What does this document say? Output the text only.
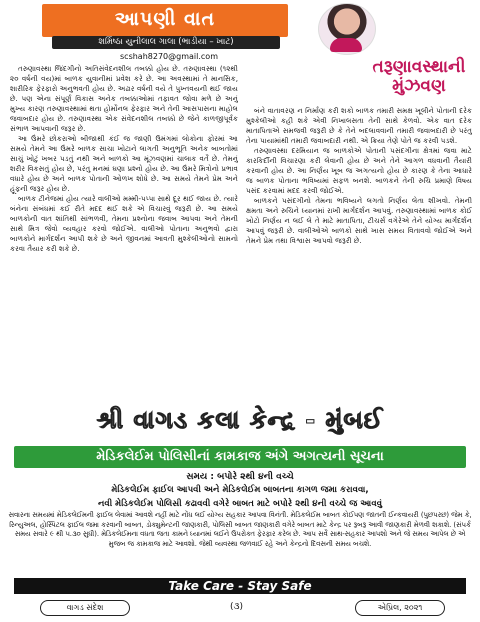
આપણી વાત
શર્મિષ્ઠા યુનીલાલ ગાલા (ભાડીયા – ખાટ)
scshah8270@gmail.com
તરૂણાવસ્થાની મુંઝવણ

તરુણાવસ્થા જિંદગીનો અતિસંવેદનશીલ તબક્કો હોય છે. તરુણાવસ્થા (૧૨થી ૨૦ વર્ષની વય)માં બાળક યુવાનીમાં પ્રવેશ કરે છે. આ અવસ્થામાં તે માનસિક, શારીરિક ફેરફારો અનુભવતી હોય છે. અઢાર વર્ષની વયે તે પુખ્તવયની થઈ જાય છે. પણ એના સંપૂર્ણ વિકાસ અનેક તબક્કાઓમાં તફાવત જોવા મળે છે અનું મુખ્ય કારણ તરુણાવસ્થામાં થતા હોર્મોનલ ફેરફાર અને તેની આસપાસના માહોલ જવાબદાર હોય છે. તરુણાવસ્થા એક સંવેદનશીલ તબક્કો છે જેને કાળજીપૂર્વક સંભાળ આપવાની જરૂર છે.

આ ઉંમરે છોકરાઓ બીજાથી કંઈ જ જાણી ઉમંગમાં લોકોના ફોરમાં આ સમયે તેમને આ ઉંમરે બાળક સાચા ખોટાને લાગતી અનુભૂતિ અનેક બાબતોમાં સાચું ખોટું ખબર પડતું નથી અને બાળકો આ મૂંઝવણમાં ચાલાક વર્તે છે. તેમનું શરીર વિકસતું હોય છે, પરંતુ મનમાં ઘણા પ્રશ્નો હોય છે. આ ઉંમરે મિત્રોનો પ્રભાવ વધારે હોય છે અને બાળક પોતાની ઓળખ શોધે છે. આ સમયે તેમને પ્રેમ અને હૂંફની જરૂર હોય છે.

બાળક ટીનેજમાં હોય ત્યારે વાલીઓ મમ્મી-પપ્પા સાથે દૂર થઈ જાય છે. ત્યારે બંનેના સંબંધમાં કઈ રીતે મદદ થઈ શકે એ વિચારવું જરૂરી છે. આ સમયે બાળકોની વાત શાંતિથી સાંભળવી, તેમના પ્રશ્નોના જવાબ આપવા અને તેમની સાથે મિત્ર જેવો વ્યવહાર કરવો જોઈએ. વાલીઓ પોતાના અનુભવો દ્વારા બાળકોને માર્ગદર્શન આપી શકે છે અને જીવનમાં આવતી મુશ્કેલીઓનો સામનો કરવા તૈયાર કરી શકે છે.

બંને વાતાવરણ ન નિર્માણ કરી શકો બાળક તમારી સમક્ષ ખૂલીને પોતાની દરેક મુશ્કેલીઓ કહી શકે એવી નિખાલસતા તેની સાથે કેળવો. એક વાત દરેક માતાપિતાએ સમજવી જરૂરી છે કે તેને બદલાવવાની તમારી જવાબદારી છે પરંતુ તેના પાયામાંથી તમારી જવાબદારી નથી. એ ક્રિયા તેણે પોતે જ કરવી પડશે.

તરુણાવસ્થા દરમિયાન જ બાળકોએ પોતાની પસંદગીના ક્ષેત્રમાં જવા માટે કારકિર્દીની વિચારણા કરી લેવાની હોય છે અને તેને આગળ વધવાની તૈયારી કરવાની હોય છે. આ નિર્ણય ખૂબ જ અગત્યનો હોય છે કારણ કે તેના આધારે જ બાળક પોતાના ભવિષ્યમાં સફળ બનશે. બાળકને તેની રુચિ પ્રમાણે વિષય પસંદ કરવામાં મદદ કરવી જોઈએ.

બાળકને પસંદગીનો તેમના ભવિષ્યને લગતો નિર્ણય લેતા શીખવો. તેમની ક્ષમતા અને રુચિને ધ્યાનમાં રાખી માર્ગદર્શન આપવું. તરુણાવસ્થામાં બાળક કોઈ ખોટો નિર્ણય ન લઈ લે તે માટે માતાપિતા, ટીચર્સ વગેરેએ તેને યોગ્ય માર્ગદર્શન આપવું જરૂરી છે. વાલીઓએ બાળકો સાથે ખાસ સમય વિતાવવો જોઈએ અને તેમને પ્રેમ તથા વિશ્વાસ આપવો જરૂરી છે.

શ્રી વાગડ કલા કેન્દ્ર - મુંબઈ
મેડિકલેઈમ પોલિસીનાં કામકાજ અંગે અગત્યની સૂચના
સમય : બપોરે ૨થી ૪ની વચ્ચે
મેડિકલેઈમ ફાઈલ આપવી અને મેડિકલેઈમ બાબતના કાગળ જમા કરાવવા,
નવી મેડિકલેઈમ પોલિસી કઢાવવી વગેરે બાબત માટે બપોરે ૨થી ૪ની વચ્ચે જ આવવું
સવારના સમયમાં મેડિકલેઈમની ફાઈલ લેવામાં આવશે નહીં માટે નોંધ લઈ યોગ્ય સહકાર આપવા વિનંતી. મેડિકલેઈમ બાબત કોઈપણ જાતની ઈન્કવાયરી (પુછપરછ) જેમ કે, રિન્યુઅલ, હોસ્પિટલ ફાઈલ જમા કરવાની બાબત, ડોક્યુમેન્ટની જાણકારી, પોલિસી બાબત જાણકારી વગેરે બાબત માટે કેન્દ્ર પર રૂબરૂ આવી જાણકારી મેળવી શકાશે. (સંપર્ક સમય સવારે ૯ થી ૫.૩૦ સુધી). મેડિકલેઈમના વધતા જતા કામને ધ્યાનમાં લઈને ઉપરોક્ત ફેરફાર કરેલ છે. આપ સર્વે સાથ-સહકાર આપશો અને જે સમય આપેલ છે એ મુજબ જ કામકાજ માટે આવશો. જેથી વ્યવસ્થા જળવાઈ રહે અને કેન્દ્રનો દિવસની સમય બચશે.
Take Care - Stay Safe
વાગડ સંદેશ	(૩)	એપ્રિલ, ૨૦૨૧
